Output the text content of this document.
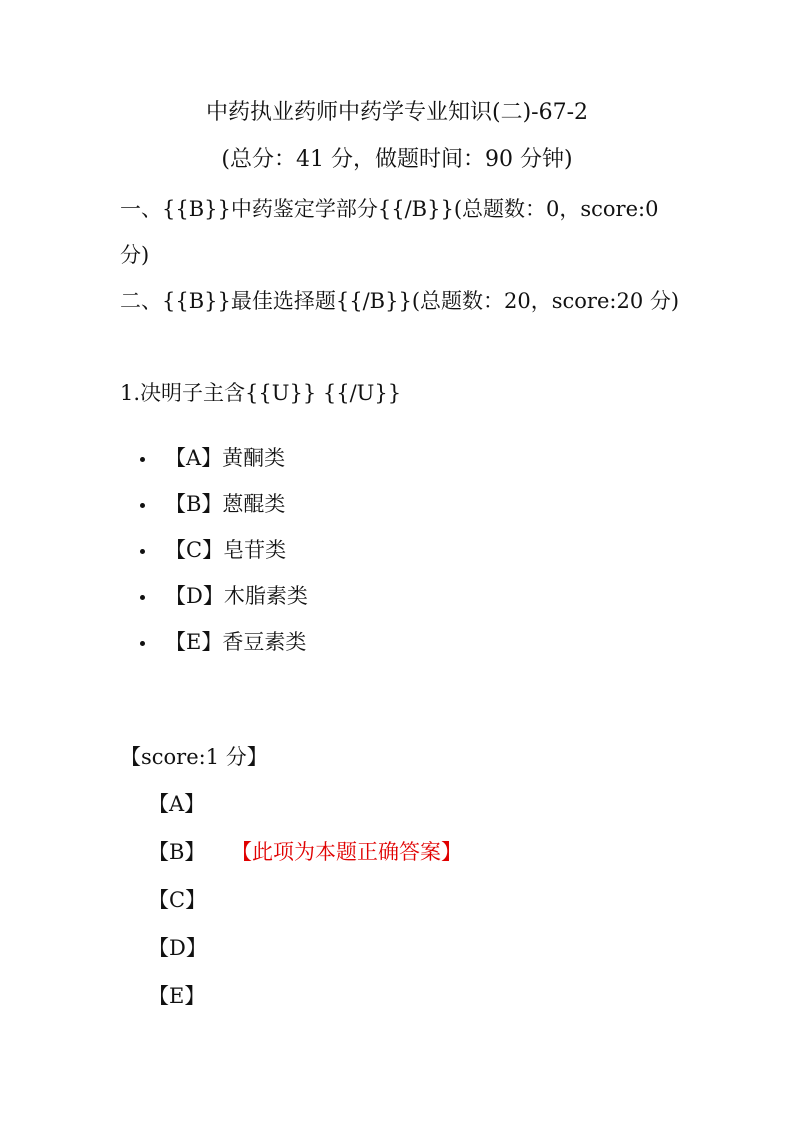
中药执业药师中药学专业知识(二)-67-2
(总分：41 分，做题时间：90 分钟)
一、{{B}}中药鉴定学部分{{/B}}(总题数：0，score:0 分)
二、{{B}}最佳选择题{{/B}}(总题数：20，score:20 分)
1.决明子主含{{U}} {{/U}}
【A】黄酮类
【B】蒽醌类
【C】皂苷类
【D】木脂素类
【E】香豆素类
【score:1 分】
【A】
【B】 【此项为本题正确答案】
【C】
【D】
【E】
